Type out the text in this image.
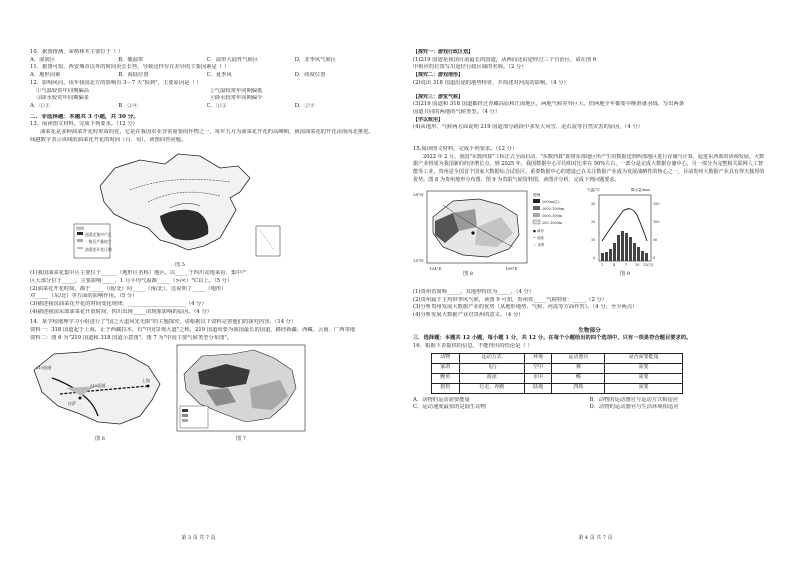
10．据图推测，荣格林木主要位于（ ）
A．湿润区	B．暖温带	C．温带大陆性气候区	D．非季风气候区
11．据图可知，西安城市以外的时间更长长些，导致这样存在差异的主要因素是（ ）
A．地形因素	B．海陆位置	C．夏季风	D．纬度位置
12．影响风向，该年我国北方的影响有 3－7 天"报到"，主要原因是（ ）
①气温较常年同期偏高	②气温较常年同期偏低
③降水较常年同期偏多	④降水较常年同期偏少
A．①③	B．①④	C．①③	D．②④
二．非选择题：本题共 3 小题，共 30 分。
13．阅读图文材料，完成下列要求。（12 分）
油菜花是多种油菜开花时形成的花，它是在我国农业非常重要的作物之一，每年五月为油菜花开花的高峰期，我国油菜花的开花由南向北推进。
线越数字表示该线的油菜花开花的时间（月．旬），读图回答问题。
图例
油菜花集中产区
一般区产量较少
油菜花开花日期
图 5
(1)我国油菜花集中区主要位于______（地形区名称）地区。以_____于四川盆地来看，集中产
区大部分位于_____，主要影响_____，1 月平均气温都_____（>/<）°C以上。（5 分）
(2)油菜花开花时间，都于_____（南/北）向_____（南/北），这说明了_____（地形）
对_____（东/北）等方面的影响作用。（5 分）
(3)描述我国油菜花开花的时间变化规律，______________________（4 分）
(4)描述我国东部油菜花开放时间，四川出现_____的现象影响的原因。（4 分）
14．某学校地理学习小组进行了"国之大道风光无限"的主题探究，请根据以下资料完善他们的探究内容。（14 分）
资料一：318 国道起于上海，止于西藏拉木，有"中国景观大道"之称，219 国道尚要为我国最长的国道，路经新疆、西藏、云南、广西等地
资料二：图 6 为"219 国道和 318 国道示意图"，图 7 为"中国主要气候类型分布图"。
219国道
318国道
上海
拉萨
图 6	图 7
第 3 页 共 7 页
【探究一：游戏行政区划】
(1)219 国道是我国目前最长的国道，从西向北沿途经过三个自治区，请在图 6
中相应的位置写出途径行政区域的名称。（2 分）
【探究二：游戏地形】
(2)说出 318 国道沿途的地势特征，并简述对河流的影响。（4 分）
【探究三：游览气候】
(3)219 国道和 318 国道都经过青藏高原和江南地区，两地气候差异巨大，但两地全年都要早晚准备羽绒，写出两条
国道共同的两地的气候类型。（4 分）
【学以致用】
(4)从地形、气候两方面说明 219 国道部分路段中多发大风雪、泥石流等自然灾害的原因，（4 分）
15.阅读图文材料，完成下列要求。（12 分）
2022 年 2 月，我国"东数西算"工程正式全面启动。"东数西算"即将东部地区所产生的数据送到西部地区进行存储与计算，促进东西部的协调发展。大数据产业将成为我国新的经济增长点，到 2025 年，我国数据中心平均相对比率在 50%左右，一部分是完成大数据存储中心，另一部分为完整相关联网人工智能等工业。贵州是全国首个国家大数据综合试验区，重要数据中心的建设已在关注数据产业成为发展战略性的核心之一，目前贵州大数据产业具有得天独厚的优势。图 8 为贵州地形分布图，图 9 为贵阳气候资料图，读图并分析，完成下列问题要求。
28°N
25°N
104°E	108°E
图例
2000m以上
2000–1000m
1000–500m
200–1000m
● 城市
~ 河流
⌇ 省界
图 8
气温/°C	降水量/mm
30
20
10
0
150
100
50
0
1	4	7 10 12(月)
图 9
(1)贵州省简称_____，其地形特征为_____。（4 分）
(2)贵州属于主热带季风气候，读图 9 可知，贵州省_____气候特征：_____（2 分）
(3)分析贵州发展大数据产业的优势（从地形地势、气候、河流等方面作答）。（4 分，至少两点）
(4)分析发展大数据产业对贵州的意义。（4 分）
生物部分
三．选择题：本题共 12 小题，每小题 1 分，共 12 分。在每个小题给出的四个选项中，只有一项是符合题目要求的。
16．根据下表提供的信息，不能得出的结论是（ ）
动物	运动方式	环境	运动器官	是否需要能量
家鸽	飞行	空中	翼	需要
鲤鱼	游泳	水中	鳍	需要
猎豹	行走、奔跑	陆地	四肢	需要
A．动物的运动需要能量	B．动物的运动器官与运动方式相适应
C．运动速度最快的是陆生动物	D．动物的运动器官与生活环境相适应
第 4 页 共 7 页
